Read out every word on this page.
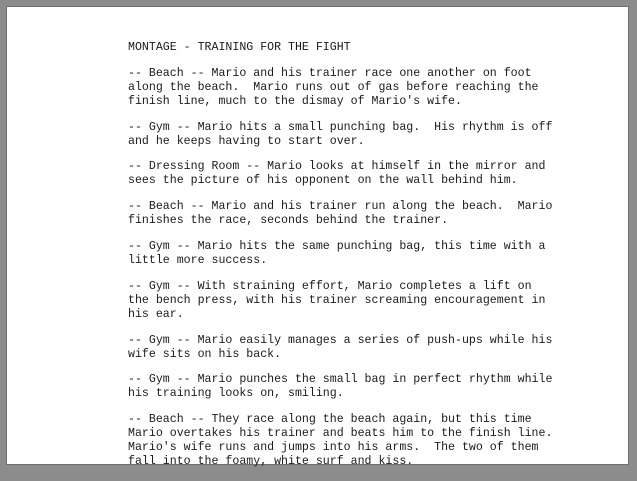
MONTAGE - TRAINING FOR THE FIGHT
-- Beach -- Mario and his trainer race one another on foot
along the beach.  Mario runs out of gas before reaching the
finish line, much to the dismay of Mario's wife.
-- Gym -- Mario hits a small punching bag.  His rhythm is off
and he keeps having to start over.
-- Dressing Room -- Mario looks at himself in the mirror and
sees the picture of his opponent on the wall behind him.
-- Beach -- Mario and his trainer run along the beach.  Mario
finishes the race, seconds behind the trainer.
-- Gym -- Mario hits the same punching bag, this time with a
little more success.
-- Gym -- With straining effort, Mario completes a lift on
the bench press, with his trainer screaming encouragement in
his ear.
-- Gym -- Mario easily manages a series of push-ups while his
wife sits on his back.
-- Gym -- Mario punches the small bag in perfect rhythm while
his training looks on, smiling.
-- Beach -- They race along the beach again, but this time
Mario overtakes his trainer and beats him to the finish line.
Mario's wife runs and jumps into his arms.  The two of them
fall into the foamy, white surf and kiss.
